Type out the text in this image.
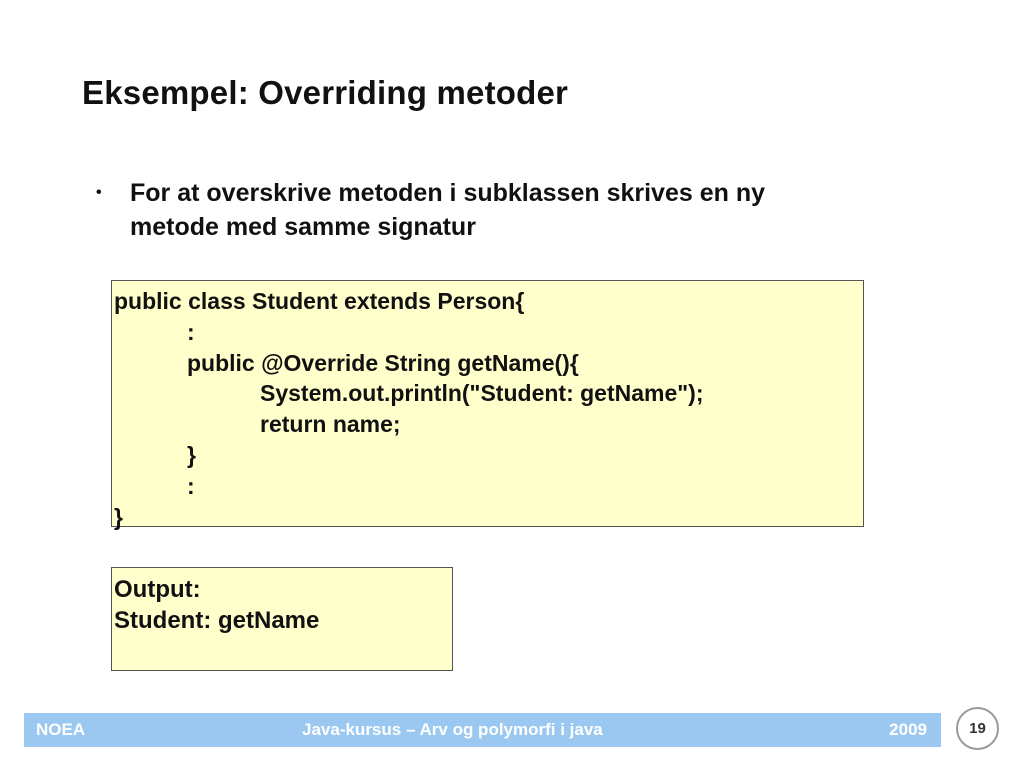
Eksempel: Overriding metoder
• For at overskrive metoden i subklassen skrives en ny
metode med samme signatur
public class Student extends Person{
:
public @Override String getName(){
System.out.println("Student: getName");
return name;
}
:
}
Output:
Student: getName
NOEA	Java-kursus – Arv og polymorfi i java	2009	19
